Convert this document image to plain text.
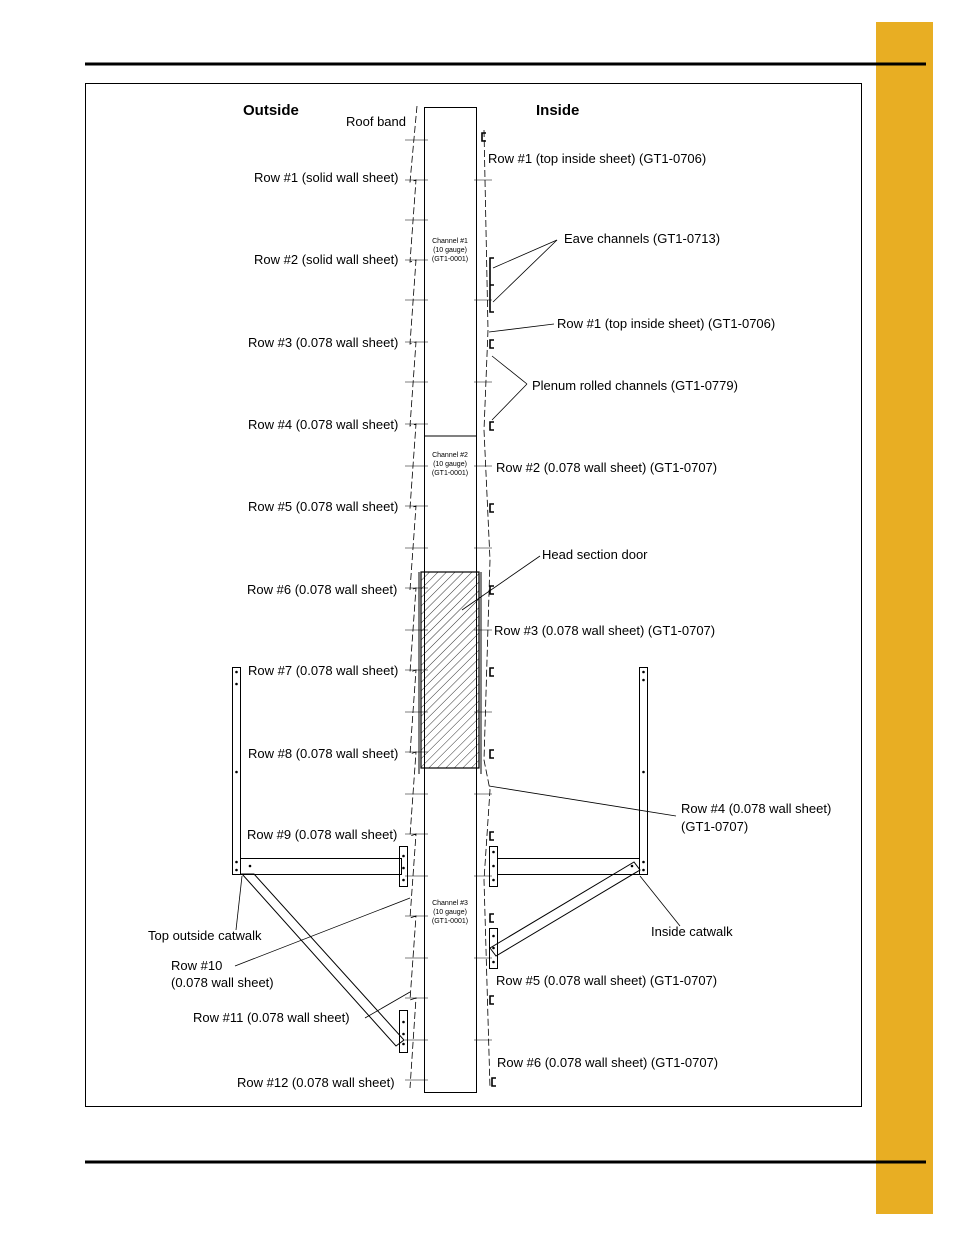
Outside	Inside
Channel #1
(10 gauge)
(GT1-0001)
Channel #2
(10 gauge)
(GT1-0001)
Channel #3
(10 gauge)
(GT1-0001)
Roof band
Row #1 (solid wall sheet)
Row #2 (solid wall sheet)
Row #3 (0.078 wall sheet)
Row #4 (0.078 wall sheet)
Row #5 (0.078 wall sheet)
Row #6 (0.078 wall sheet)
Row #7 (0.078 wall sheet)
Row #8 (0.078 wall sheet)
Row #9 (0.078 wall sheet)
Top outside catwalk
Row #10
(0.078 wall sheet)
Row #11 (0.078 wall sheet)
Row #12 (0.078 wall sheet)
Row #1 (top inside sheet) (GT1-0706)
Eave channels (GT1-0713)
Row #1 (top inside sheet) (GT1-0706)
Plenum rolled channels (GT1-0779)
Row #2 (0.078 wall sheet) (GT1-0707)
Head section door
Row #3 (0.078 wall sheet) (GT1-0707)
Row #4 (0.078 wall sheet)
(GT1-0707)
Inside catwalk
Row #5 (0.078 wall sheet) (GT1-0707)
Row #6 (0.078 wall sheet) (GT1-0707)
